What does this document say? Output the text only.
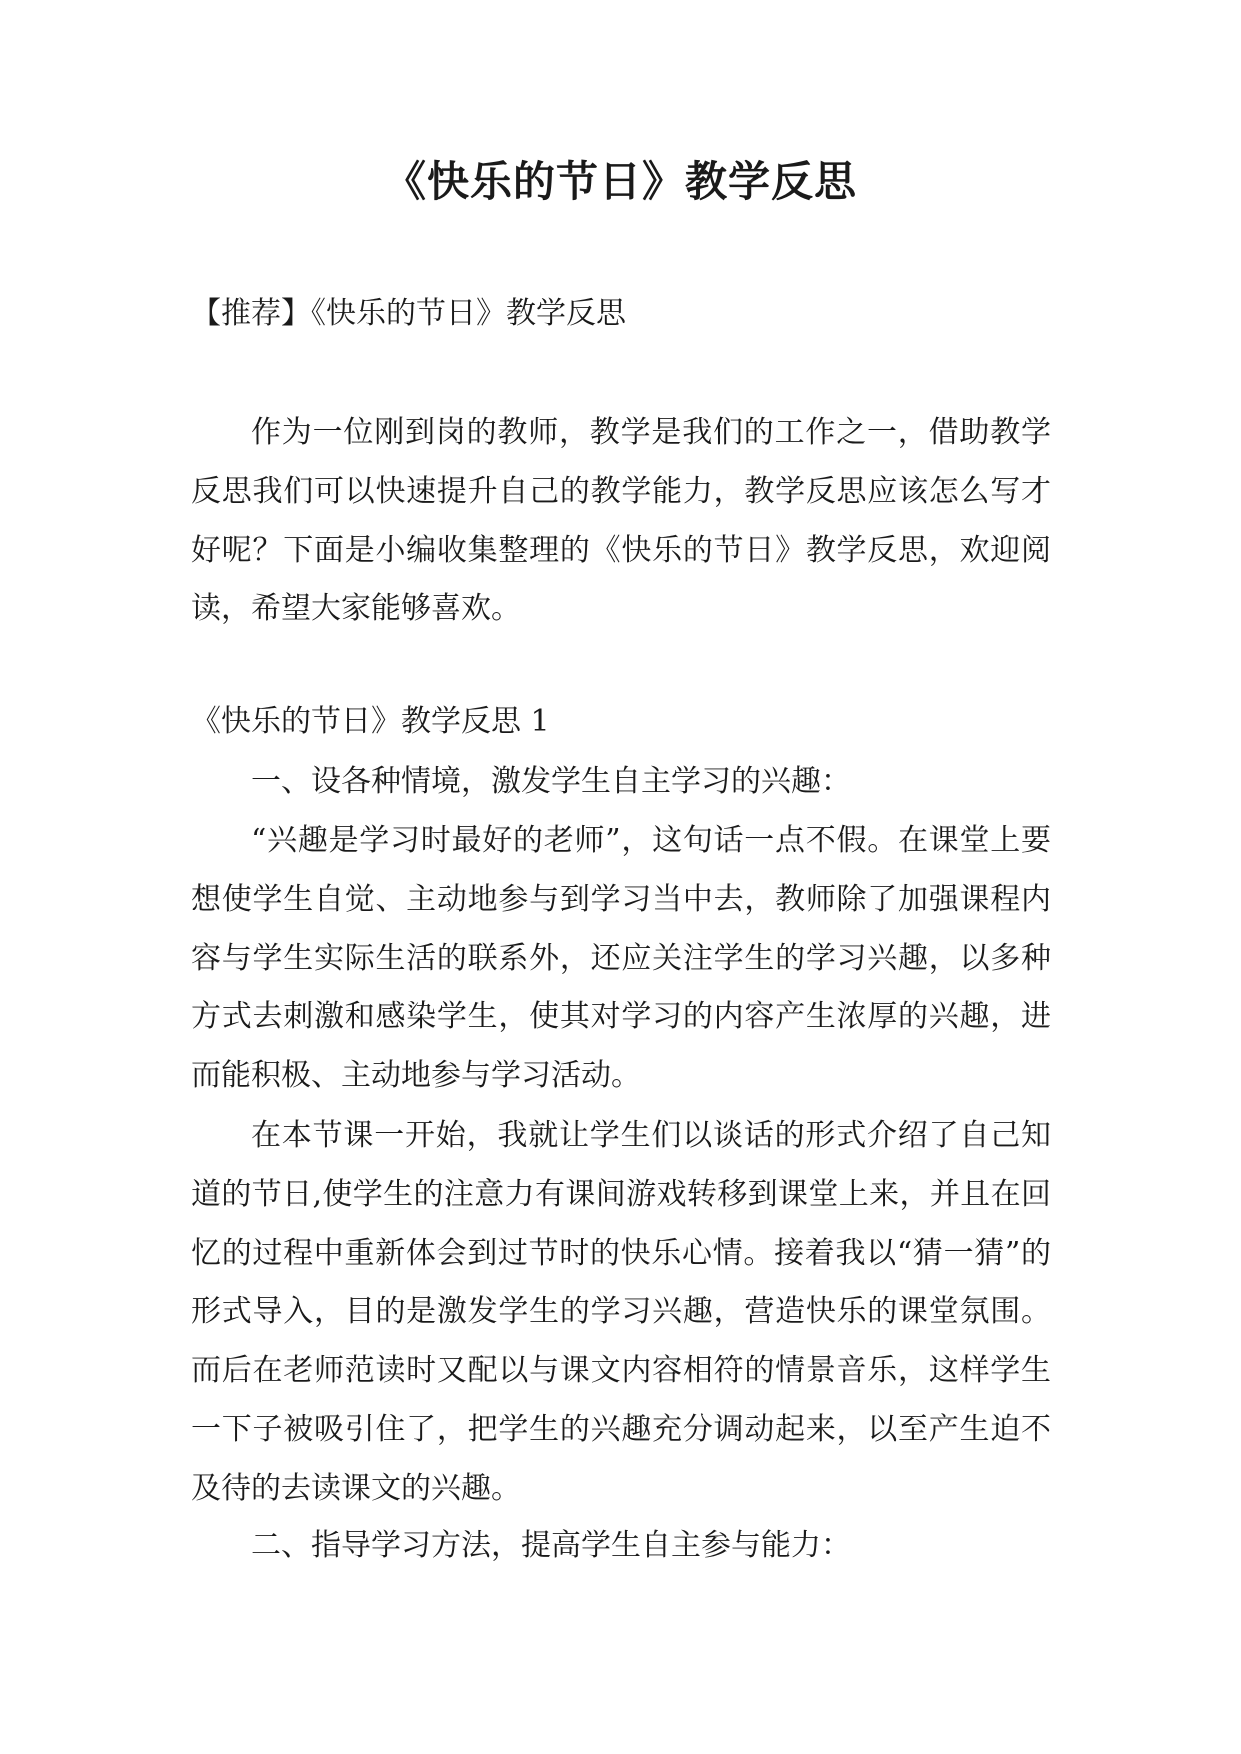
《快乐的节日》教学反思

【推荐】《快乐的节日》教学反思

作为一位刚到岗的教师，教学是我们的工作之一，借助教学反思我们可以快速提升自己的教学能力，教学反思应该怎么写才好呢？下面是小编收集整理的《快乐的节日》教学反思，欢迎阅读，希望大家能够喜欢。

《快乐的节日》教学反思 1

一、设各种情境，激发学生自主学习的兴趣：

“兴趣是学习时最好的老师”，这句话一点不假。在课堂上要想使学生自觉、主动地参与到学习当中去，教师除了加强课程内容与学生实际生活的联系外，还应关注学生的学习兴趣，以多种方式去刺激和感染学生，使其对学习的内容产生浓厚的兴趣，进而能积极、主动地参与学习活动。

在本节课一开始，我就让学生们以谈话的形式介绍了自己知道的节日,使学生的注意力有课间游戏转移到课堂上来，并且在回忆的过程中重新体会到过节时的快乐心情。接着我以“猜一猜”的形式导入，目的是激发学生的学习兴趣，营造快乐的课堂氛围。而后在老师范读时又配以与课文内容相符的情景音乐，这样学生一下子被吸引住了，把学生的兴趣充分调动起来，以至产生迫不及待的去读课文的兴趣。

二、指导学习方法，提高学生自主参与能力：
